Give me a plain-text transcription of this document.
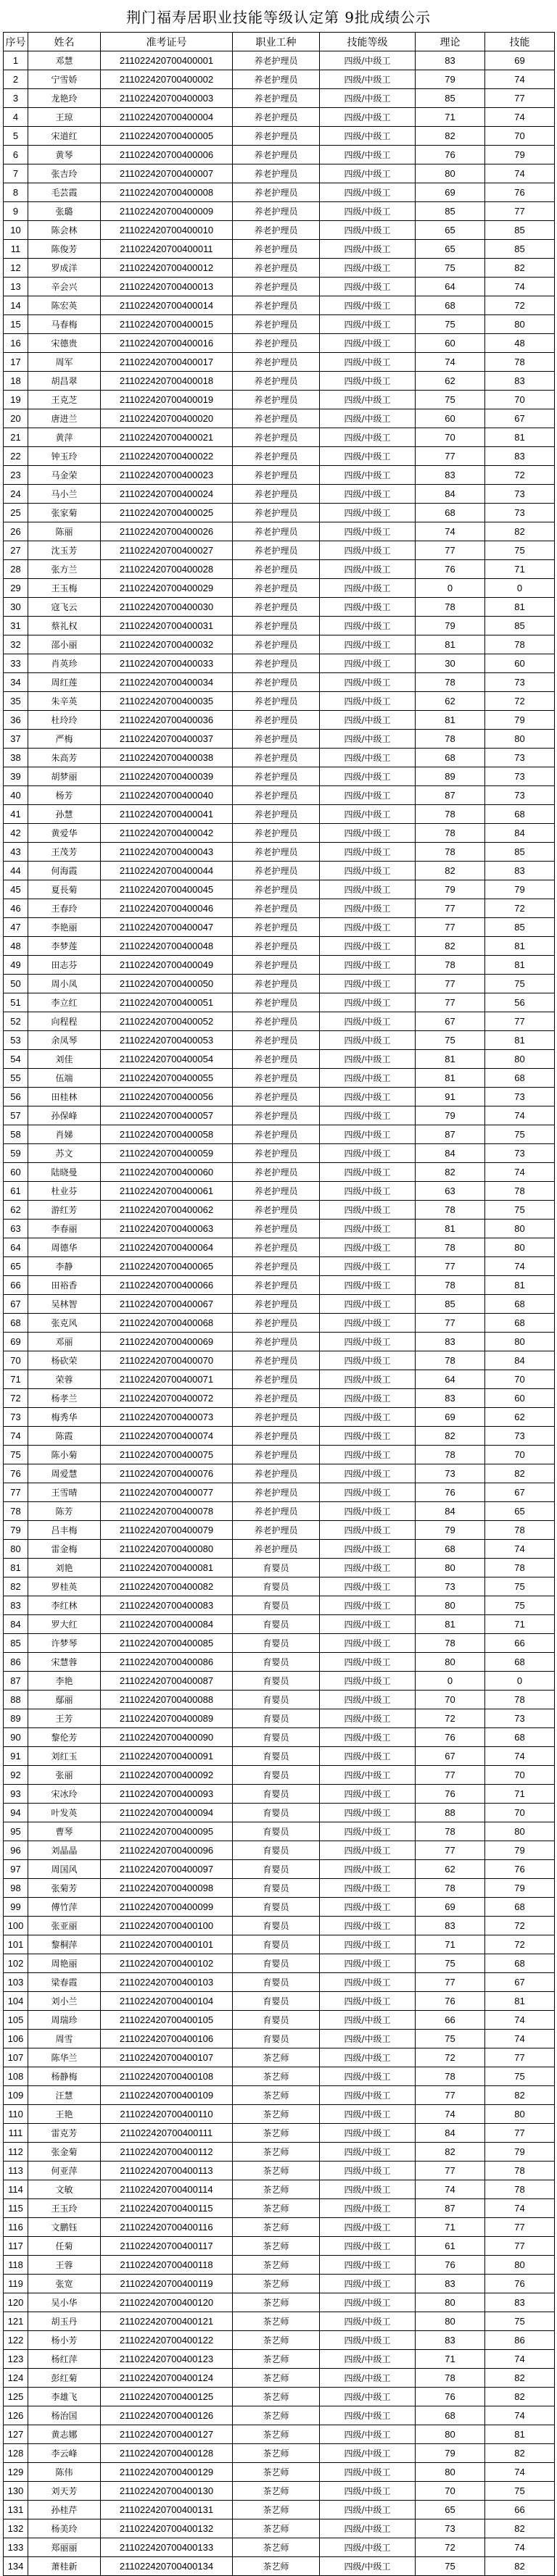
荆门福寿居职业技能等级认定第 9批成绩公示
序号	姓名	准考证号	职业工种	技能等级	理论	技能
1	邓慧	211022420700400001	养老护理员	四级/中级工	83	69
2	宁雪娇	211022420700400002	养老护理员	四级/中级工	79	74
3	龙艳玲	211022420700400003	养老护理员	四级/中级工	85	77
4	王琼	211022420700400004	养老护理员	四级/中级工	71	74
5	宋道红	211022420700400005	养老护理员	四级/中级工	82	70
6	黄琴	211022420700400006	养老护理员	四级/中级工	76	79
7	张吉玲	211022420700400007	养老护理员	四级/中级工	80	74
8	毛芸霞	211022420700400008	养老护理员	四级/中级工	69	76
9	张璐	211022420700400009	养老护理员	四级/中级工	85	77
10	陈会林	211022420700400010	养老护理员	四级/中级工	65	85
11	陈俊芳	211022420700400011	养老护理员	四级/中级工	65	85
12	罗成洋	211022420700400012	养老护理员	四级/中级工	75	82
13	辛会兴	211022420700400013	养老护理员	四级/中级工	64	74
14	陈宏英	211022420700400014	养老护理员	四级/中级工	68	72
15	马春梅	211022420700400015	养老护理员	四级/中级工	75	80
16	宋德贵	211022420700400016	养老护理员	四级/中级工	60	48
17	周军	211022420700400017	养老护理员	四级/中级工	74	78
18	胡昌翠	211022420700400018	养老护理员	四级/中级工	62	83
19	王克芝	211022420700400019	养老护理员	四级/中级工	75	70
20	唐进兰	211022420700400020	养老护理员	四级/中级工	60	67
21	黄萍	211022420700400021	养老护理员	四级/中级工	70	81
22	钟玉玲	211022420700400022	养老护理员	四级/中级工	77	83
23	马金荣	211022420700400023	养老护理员	四级/中级工	83	72
24	马小兰	211022420700400024	养老护理员	四级/中级工	84	73
25	张家菊	211022420700400025	养老护理员	四级/中级工	68	73
26	陈丽	211022420700400026	养老护理员	四级/中级工	74	82
27	沈玉芳	211022420700400027	养老护理员	四级/中级工	77	75
28	张方兰	211022420700400028	养老护理员	四级/中级工	76	71
29	王玉梅	211022420700400029	养老护理员	四级/中级工	0	0
30	寇飞云	211022420700400030	养老护理员	四级/中级工	78	81
31	蔡礼权	211022420700400031	养老护理员	四级/中级工	79	85
32	邵小丽	211022420700400032	养老护理员	四级/中级工	81	78
33	肖英珍	211022420700400033	养老护理员	四级/中级工	30	60
34	周红莲	211022420700400034	养老护理员	四级/中级工	78	73
35	朱辛英	211022420700400035	养老护理员	四级/中级工	62	72
36	杜玲玲	211022420700400036	养老护理员	四级/中级工	81	79
37	严梅	211022420700400037	养老护理员	四级/中级工	78	80
38	朱高芳	211022420700400038	养老护理员	四级/中级工	68	73
39	胡梦丽	211022420700400039	养老护理员	四级/中级工	89	73
40	杨芳	211022420700400040	养老护理员	四级/中级工	87	73
41	孙慧	211022420700400041	养老护理员	四级/中级工	78	68
42	黄爱华	211022420700400042	养老护理员	四级/中级工	78	84
43	王茂芳	211022420700400043	养老护理员	四级/中级工	78	85
44	何海霞	211022420700400044	养老护理员	四级/中级工	82	83
45	夏長菊	211022420700400045	养老护理员	四级/中级工	79	79
46	王春玲	211022420700400046	养老护理员	四级/中级工	77	72
47	李艳丽	211022420700400047	养老护理员	四级/中级工	77	85
48	李梦莲	211022420700400048	养老护理员	四级/中级工	82	81
49	田志芬	211022420700400049	养老护理员	四级/中级工	78	81
50	周小凤	211022420700400050	养老护理员	四级/中级工	77	75
51	李立红	211022420700400051	养老护理员	四级/中级工	77	56
52	向程程	211022420700400052	养老护理员	四级/中级工	67	77
53	余凤琴	211022420700400053	养老护理员	四级/中级工	75	81
54	刘佳	211022420700400054	养老护理员	四级/中级工	81	80
55	伍端	211022420700400055	养老护理员	四级/中级工	81	68
56	田桂林	211022420700400056	养老护理员	四级/中级工	91	73
57	孙保峰	211022420700400057	养老护理员	四级/中级工	79	74
58	肖娣	211022420700400058	养老护理员	四级/中级工	87	75
59	苏文	211022420700400059	养老护理员	四级/中级工	84	73
60	陆晓曼	211022420700400060	养老护理员	四级/中级工	82	74
61	杜业芬	211022420700400061	养老护理员	四级/中级工	63	78
62	游红芳	211022420700400062	养老护理员	四级/中级工	78	75
63	李春丽	211022420700400063	养老护理员	四级/中级工	81	80
64	周德华	211022420700400064	养老护理员	四级/中级工	78	80
65	李静	211022420700400065	养老护理员	四级/中级工	77	74
66	田裕香	211022420700400066	养老护理员	四级/中级工	78	81
67	吴林智	211022420700400067	养老护理员	四级/中级工	85	68
68	张克风	211022420700400068	养老护理员	四级/中级工	77	68
69	邓丽	211022420700400069	养老护理员	四级/中级工	83	80
70	杨砍荣	211022420700400070	养老护理员	四级/中级工	78	84
71	荣蓉	211022420700400071	养老护理员	四级/中级工	64	70
72	杨孝兰	211022420700400072	养老护理员	四级/中级工	83	60
73	梅秀华	211022420700400073	养老护理员	四级/中级工	69	62
74	陈霞	211022420700400074	养老护理员	四级/中级工	82	73
75	陈小菊	211022420700400075	养老护理员	四级/中级工	78	70
76	周爱慧	211022420700400076	养老护理员	四级/中级工	73	82
77	王雪晴	211022420700400077	养老护理员	四级/中级工	76	67
78	陈芳	211022420700400078	养老护理员	四级/中级工	84	65
79	吕丰梅	211022420700400079	养老护理员	四级/中级工	79	78
80	雷金梅	211022420700400080	养老护理员	四级/中级工	68	74
81	刘艳	211022420700400081	育婴员	四级/中级工	80	78
82	罗桂英	211022420700400082	育婴员	四级/中级工	73	75
83	李红林	211022420700400083	育婴员	四级/中级工	80	75
84	罗大红	211022420700400084	育婴员	四级/中级工	81	71
85	许梦琴	211022420700400085	育婴员	四级/中级工	78	66
86	宋慧蓉	211022420700400086	育婴员	四级/中级工	80	68
87	李艳	211022420700400087	育婴员	四级/中级工	0	0
88	鄢丽	211022420700400088	育婴员	四级/中级工	70	78
89	王芳	211022420700400089	育婴员	四级/中级工	72	73
90	黎伦芳	211022420700400090	育婴员	四级/中级工	76	68
91	刘红玉	211022420700400091	育婴员	四级/中级工	67	74
92	张丽	211022420700400092	育婴员	四级/中级工	77	70
93	宋冰玲	211022420700400093	育婴员	四级/中级工	76	71
94	叶发英	211022420700400094	育婴员	四级/中级工	88	70
95	曹琴	211022420700400095	育婴员	四级/中级工	78	80
96	刘晶晶	211022420700400096	育婴员	四级/中级工	77	79
97	周国风	211022420700400097	育婴员	四级/中级工	62	76
98	张菊芳	211022420700400098	育婴员	四级/中级工	78	79
99	傅竹萍	211022420700400099	育婴员	四级/中级工	69	68
100	张亚丽	211022420700400100	育婴员	四级/中级工	83	72
101	黎桐萍	211022420700400101	育婴员	四级/中级工	71	72
102	周艳丽	211022420700400102	育婴员	四级/中级工	75	68
103	梁春霞	211022420700400103	育婴员	四级/中级工	77	67
104	刘小兰	211022420700400104	育婴员	四级/中级工	76	81
105	周瑞珍	211022420700400105	育婴员	四级/中级工	66	74
106	周雪	211022420700400106	育婴员	四级/中级工	75	74
107	陈华兰	211022420700400107	茶艺师	四级/中级工	72	77
108	杨静梅	211022420700400108	茶艺师	四级/中级工	78	75
109	汪慧	211022420700400109	茶艺师	四级/中级工	77	82
110	王艳	211022420700400110	茶艺师	四级/中级工	74	80
111	雷克芳	211022420700400111	茶艺师	四级/中级工	84	77
112	张金菊	211022420700400112	茶艺师	四级/中级工	82	79
113	何亚萍	211022420700400113	茶艺师	四级/中级工	77	78
114	文敏	211022420700400114	茶艺师	四级/中级工	74	78
115	王玉玲	211022420700400115	茶艺师	四级/中级工	87	74
116	文鹏钰	211022420700400116	茶艺师	四级/中级工	71	77
117	任菊	211022420700400117	茶艺师	四级/中级工	61	77
118	王蓉	211022420700400118	茶艺师	四级/中级工	76	80
119	张宽	211022420700400119	茶艺师	四级/中级工	83	76
120	吴小华	211022420700400120	茶艺师	四级/中级工	80	83
121	胡玉丹	211022420700400121	茶艺师	四级/中级工	80	75
122	杨小芳	211022420700400122	茶艺师	四级/中级工	83	86
123	杨红萍	211022420700400123	茶艺师	四级/中级工	71	74
124	彭红菊	211022420700400124	茶艺师	四级/中级工	78	82
125	李雄飞	211022420700400125	茶艺师	四级/中级工	76	82
126	杨治国	211022420700400126	茶艺师	四级/中级工	68	74
127	黄志娜	211022420700400127	茶艺师	四级/中级工	80	81
128	李云峰	211022420700400128	茶艺师	四级/中级工	79	82
129	陈伟	211022420700400129	茶艺师	四级/中级工	80	74
130	刘天芳	211022420700400130	茶艺师	四级/中级工	70	75
131	孙桂芹	211022420700400131	茶艺师	四级/中级工	65	66
132	杨美玲	211022420700400132	茶艺师	四级/中级工	73	82
133	郑丽丽	211022420700400133	茶艺师	四级/中级工	72	74
134	萧桂新	211022420700400134	茶艺师	四级/中级工	75	82
